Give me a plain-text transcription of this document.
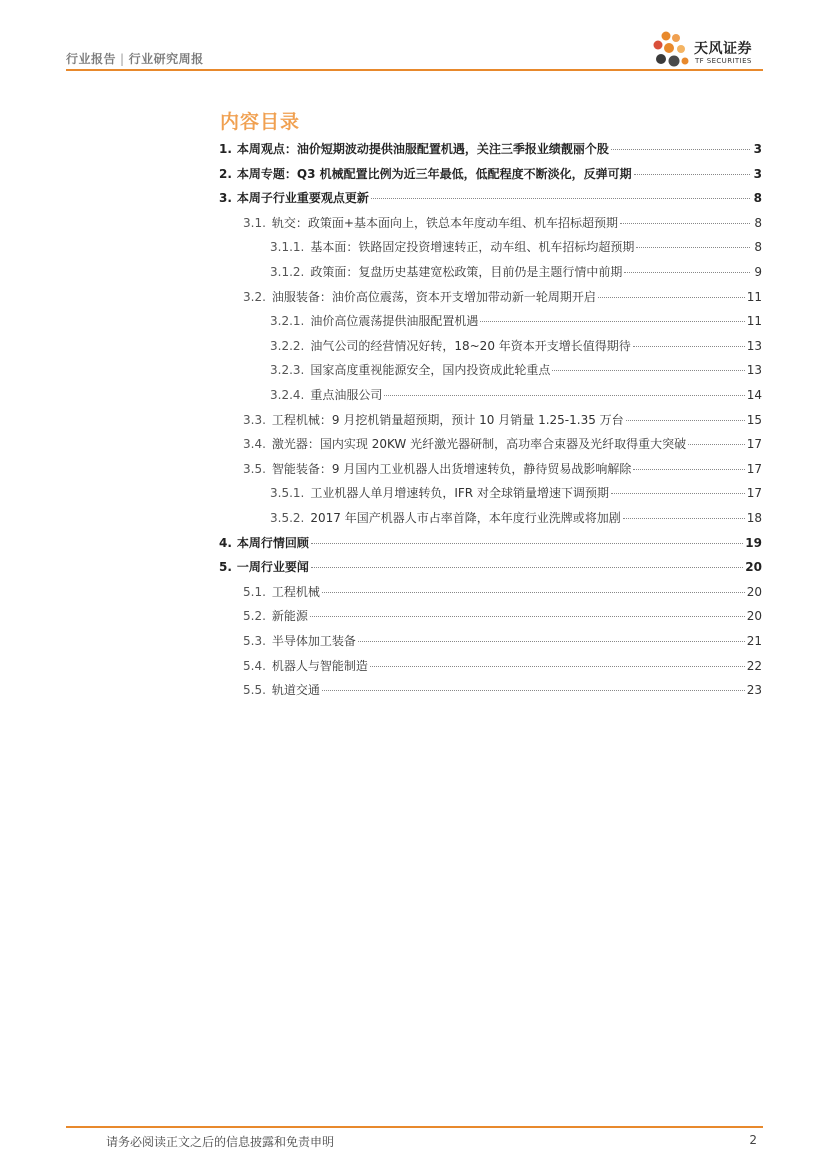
行业报告 | 行业研究周报
天风证券
TF SECURITIES
内容目录
1. 本周观点：油价短期波动提供油服配置机遇，关注三季报业绩靓丽个股	3
2. 本周专题：Q3 机械配置比例为近三年最低，低配程度不断淡化，反弹可期	3
3. 本周子行业重要观点更新	8
3.1. 轨交：政策面+基本面向上，铁总本年度动车组、机车招标超预期	8
3.1.1. 基本面：铁路固定投资增速转正，动车组、机车招标均超预期	8
3.1.2. 政策面：复盘历史基建宽松政策，目前仍是主题行情中前期	9
3.2. 油服装备：油价高位震荡，资本开支增加带动新一轮周期开启	11
3.2.1. 油价高位震荡提供油服配置机遇	11
3.2.2. 油气公司的经营情况好转，18~20 年资本开支增长值得期待	13
3.2.3. 国家高度重视能源安全，国内投资成此轮重点	13
3.2.4. 重点油服公司	14
3.3. 工程机械：9 月挖机销量超预期，预计 10 月销量 1.25-1.35 万台	15
3.4. 激光器：国内实现 20KW 光纤激光器研制，高功率合束器及光纤取得重大突破	17
3.5. 智能装备：9 月国内工业机器人出货增速转负，静待贸易战影响解除	17
3.5.1. 工业机器人单月增速转负，IFR 对全球销量增速下调预期	17
3.5.2. 2017 年国产机器人市占率首降，本年度行业洗牌或将加剧	18
4. 本周行情回顾	19
5. 一周行业要闻	20
5.1. 工程机械	20
5.2. 新能源	20
5.3. 半导体加工装备	21
5.4. 机器人与智能制造	22
5.5. 轨道交通	23
请务必阅读正文之后的信息披露和免责申明	2
